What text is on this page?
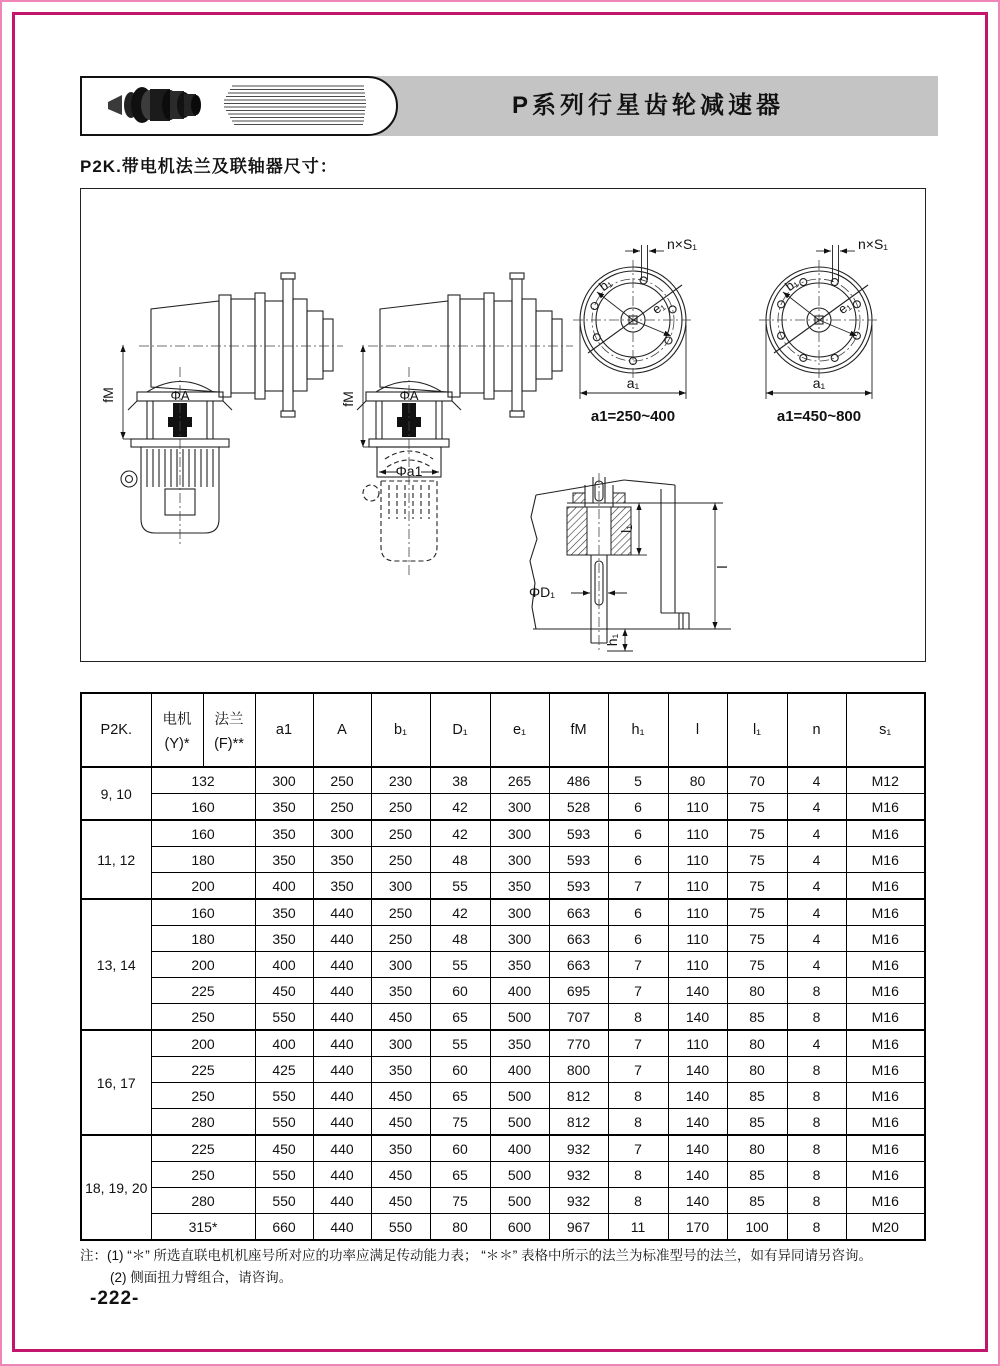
P系列行星齿轮减速器
P2K.带电机法兰及联轴器尺寸：
fM	ΦA
Φa1
fM	ΦA
b₁
e₁
n×S₁
a₁
a1=250~400
b₁
e₁
n×S₁
a₁
a1=450~800
ΦD₁
l₁
l
h₁
P2K.

电机
(Y)*

法兰
(F)**

a1	A	b₁	D₁	e₁	fM	h₁	l	l₁	n	s₁

9, 10	132		300	250	230	38	265	486	5	80	70	4	M12
	160		350	250	250	42	300	528	6	110	75	4	M16
11, 12	160		350	300	250	42	300	593	6	110	75	4	M16
	180		350	350	250	48	300	593	6	110	75	4	M16
	200		400	350	300	55	350	593	7	110	75	4	M16
13, 14	160		350	440	250	42	300	663	6	110	75	4	M16
	180		350	440	250	48	300	663	6	110	75	4	M16
	200		400	440	300	55	350	663	7	110	75	4	M16
	225		450	440	350	60	400	695	7	140	80	8	M16
	250		550	440	450	65	500	707	8	140	85	8	M16
16, 17	200		400	440	300	55	350	770	7	110	80	4	M16
	225		425	440	350	60	400	800	7	140	80	8	M16
	250		550	440	450	65	500	812	8	140	85	8	M16
	280		550	440	450	75	500	812	8	140	85	8	M16
18, 19, 20	225		450	440	350	60	400	932	7	140	80	8	M16
	250		550	440	450	65	500	932	8	140	85	8	M16
	280		550	440	450	75	500	932	8	140	85	8	M16
	315*		660	440	550	80	600	967	11	170	100	8	M20
注：(1) “＊” 所选直联电机机座号所对应的功率应满足传动能力表； “＊＊” 表格中所示的法兰为标准型号的法兰，如有异同请另咨询。
(2) 侧面扭力臂组合，请咨询。
-222-
